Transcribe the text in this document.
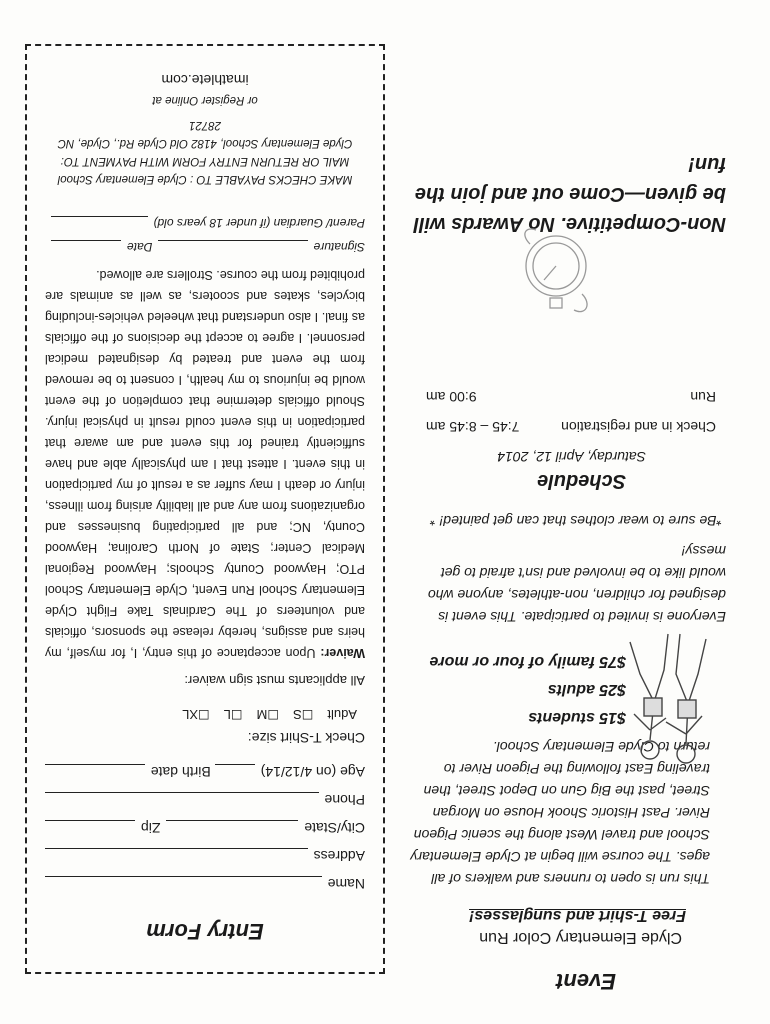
Event
Clyde Elementary Color Run
Free T-shirt and sunglasses!
This run is open to runners and walkers of all ages. The course will begin at Clyde Elementary School and travel West along the scenic Pigeon River. Past Historic Shook House on Morgan Street, past the Big Gun on Depot Street, then traveling East following the Pigeon River to return to Clyde Elementary School.
$15 students
$25 adults
$75 family of four or more
Everyone is invited to participate. This event is designed for children, non-athletes, anyone who would like to be involved and isn't afraid to get messy!
*Be sure to wear clothes that can get painted! *
Schedule
Saturday, April 12, 2014
Check in and registration
7:45 – 8:45 am
Run
9:00 am
Non-Competitive. No Awards will be given—Come out and join the fun!
Entry Form
Name
Address
City/State
Zip
Phone
Age (on 4/12/14)
Birth date
Check T-Shirt size:
Adult
☐S
☐M
☐L
☐XL
All applicants must sign waiver:
Waiver: Upon acceptance of this entry, I, for myself, my heirs and assigns, hereby release the sponsors, officials and volunteers of The Cardinals Take Flight Clyde Elementary School Run Event, Clyde Elementary School PTO; Haywood County Schools; Haywood Regional Medical Center; State of North Carolina; Haywood County, NC; and all participating businesses and organizations from any and all liability arising from illness, injury or death I may suffer as a result of my participation in this event. I attest that I am physically able and have sufficiently trained for this event and am aware that participation in this event could result in physical injury. Should officials determine that completion of the event would be injurious to my health, I consent to be removed from the event and treated by designated medical personnel. I agree to accept the decisions of the officials as final. I also understand that wheeled vehicles-including bicycles, skates and scooters, as well as animals are prohibited from the course. Strollers are allowed.
Signature
Date
Parent/ Guardian (if under 18 years old)
MAKE CHECKS PAYABLE TO : Clyde Elementary School
MAIL OR RETURN ENTRY FORM WITH PAYMENT TO:
Clyde Elementary School, 4182 Old Clyde Rd., Clyde, NC 28721
or Register Online at
imathlete.com
